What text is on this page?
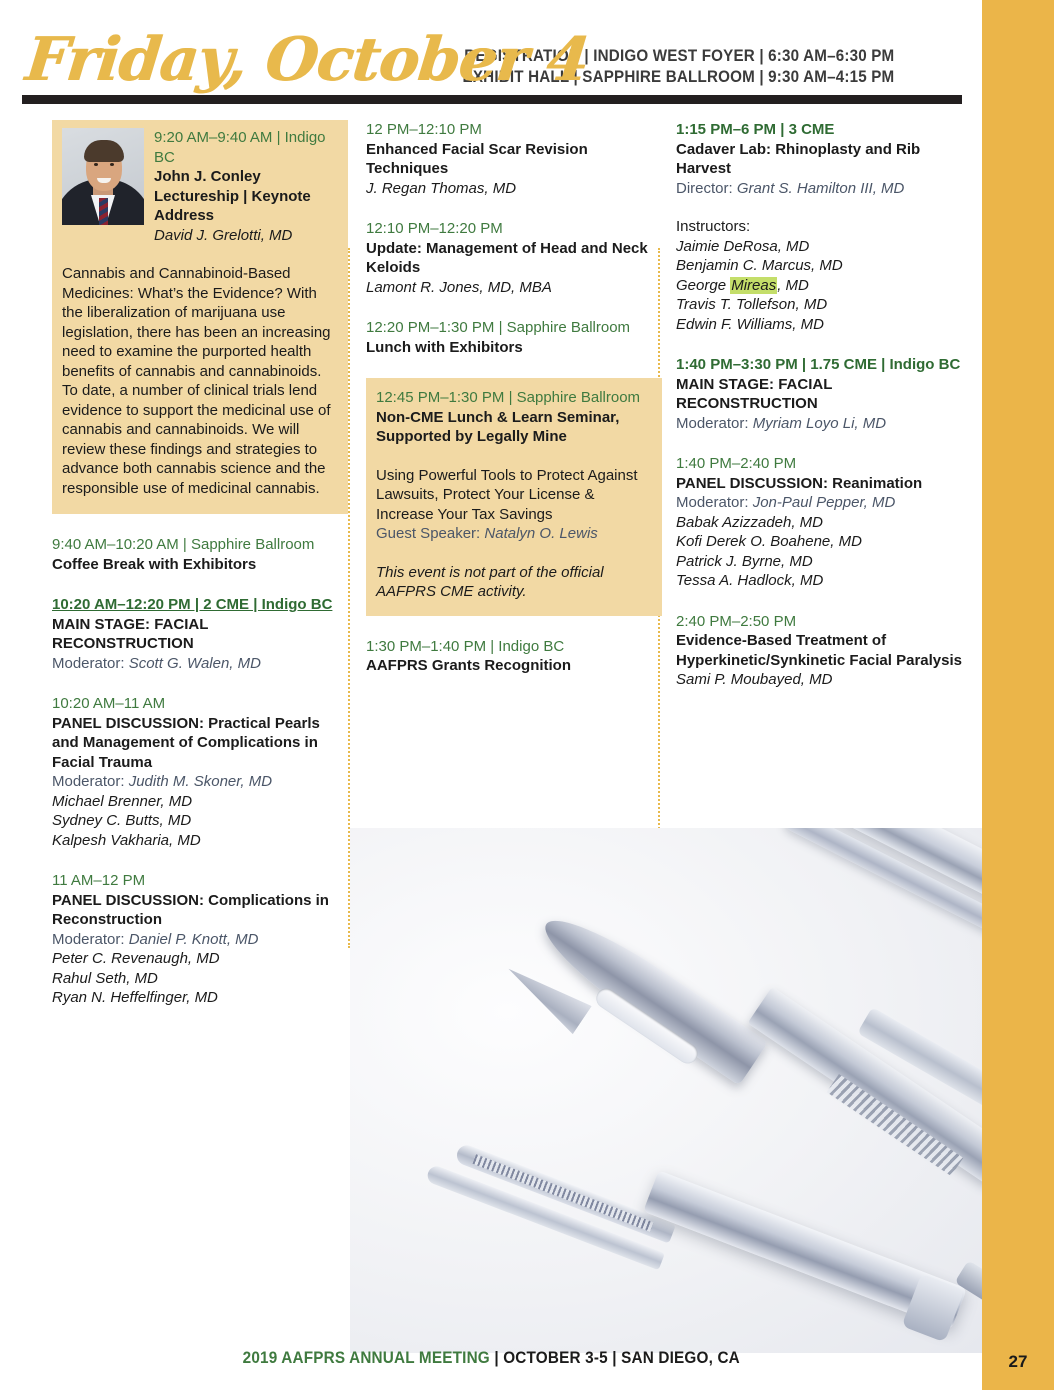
Friday, October 4
REGISTRATION | INDIGO WEST FOYER | 6:30 AM–6:30 PM
EXHIBIT HALL | SAPPHIRE BALLROOM | 9:30 AM–4:15 PM
9:20 AM–9:40 AM | Indigo BC
John J. Conley Lectureship | Keynote Address
David J. Grelotti, MD
Cannabis and Cannabinoid-Based Medicines: What’s the Evidence? With the liberalization of marijuana use legislation, there has been an increasing need to examine the purported health benefits of cannabis and cannabinoids. To date, a number of clinical trials lend evidence to support the medicinal use of cannabis and cannabinoids. We will review these findings and strategies to advance both cannabis science and the responsible use of medicinal cannabis.
9:40 AM–10:20 AM | Sapphire Ballroom
Coffee Break with Exhibitors
10:20 AM–12:20 PM | 2 CME | Indigo BC
MAIN STAGE: FACIAL RECONSTRUCTION
Moderator: Scott G. Walen, MD
10:20 AM–11 AM
PANEL DISCUSSION: Practical Pearls and Management of Complications in Facial Trauma
Moderator: Judith M. Skoner, MD
Michael Brenner, MD
Sydney C. Butts, MD
Kalpesh Vakharia, MD
11 AM–12 PM
PANEL DISCUSSION: Complications in Reconstruction
Moderator: Daniel P. Knott, MD
Peter C. Revenaugh, MD
Rahul Seth, MD
Ryan N. Heffelfinger, MD
12 PM–12:10 PM
Enhanced Facial Scar Revision Techniques
J. Regan Thomas, MD
12:10 PM–12:20 PM
Update: Management of Head and Neck Keloids
Lamont R. Jones, MD, MBA
12:20 PM–1:30 PM | Sapphire Ballroom
Lunch with Exhibitors
12:45 PM–1:30 PM | Sapphire Ballroom
Non-CME Lunch & Learn Seminar, Supported by Legally Mine
Using Powerful Tools to Protect Against Lawsuits, Protect Your License & Increase Your Tax Savings
Guest Speaker: Natalyn O. Lewis
This event is not part of the official AAFPRS CME activity.
1:30 PM–1:40 PM | Indigo BC
AAFPRS Grants Recognition
1:15 PM–6 PM | 3 CME
Cadaver Lab: Rhinoplasty and Rib Harvest
Director: Grant S. Hamilton III, MD
Instructors:
Jaimie DeRosa, MD
Benjamin C. Marcus, MD
George Mireas, MD
Travis T. Tollefson, MD
Edwin F. Williams, MD
1:40 PM–3:30 PM | 1.75 CME | Indigo BC
MAIN STAGE: FACIAL RECONSTRUCTION
Moderator: Myriam Loyo Li, MD
1:40 PM–2:40 PM
PANEL DISCUSSION: Reanimation
Moderator: Jon-Paul Pepper, MD
Babak Azizzadeh, MD
Kofi Derek O. Boahene, MD
Patrick J. Byrne, MD
Tessa A. Hadlock, MD
2:40 PM–2:50 PM
Evidence-Based Treatment of Hyperkinetic/Synkinetic Facial Paralysis
Sami P. Moubayed, MD
2019 AAFPRS ANNUAL MEETING | OCTOBER 3-5 | SAN DIEGO, CA	27
